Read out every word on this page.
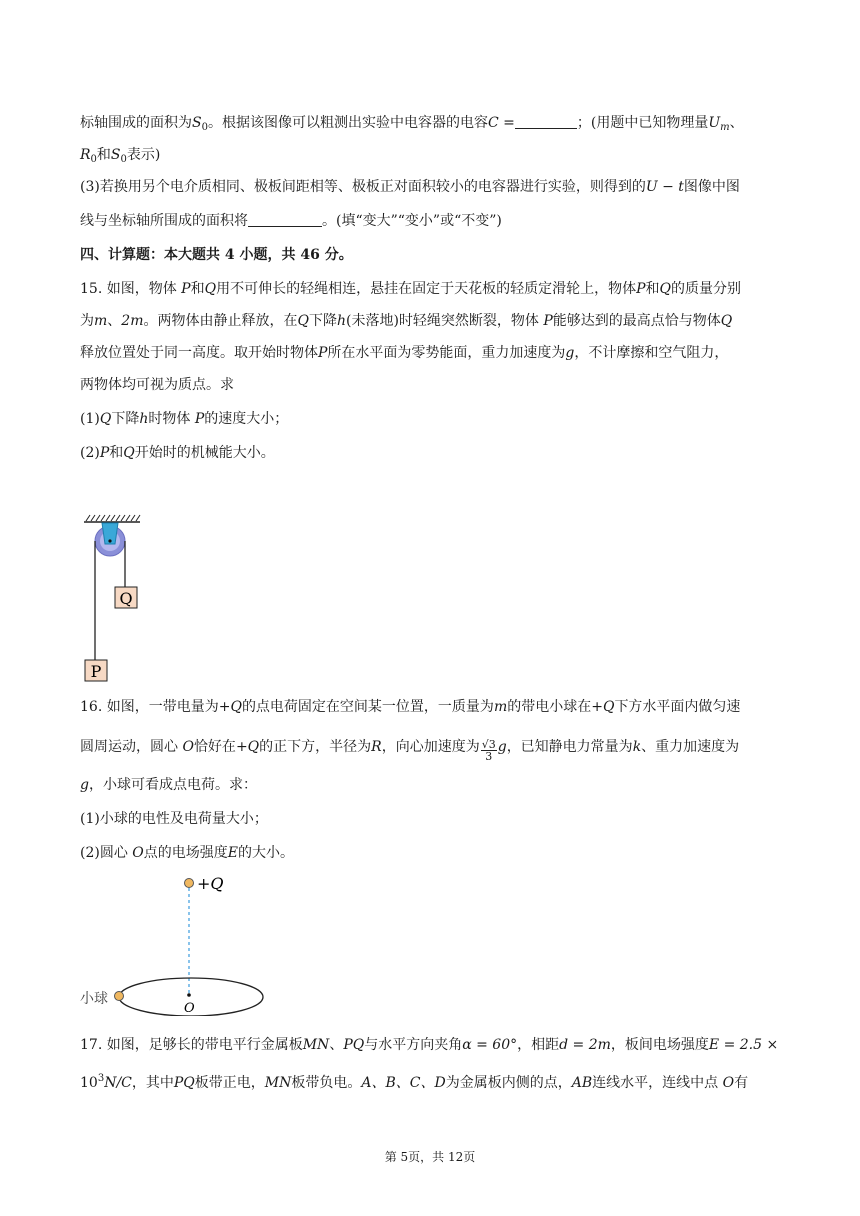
标轴围成的面积为$S_0$。根据该图像可以粗测出实验中电容器的电容C =	；(用题中已知物理量$U_m$、
$R_0$和$S_0$表示)
(3)若换用另个电介质相同、极板间距相等、极板正对面积较小的电容器进行实验，则得到的U − t图像中图
线与坐标轴所围成的面积将	。(填“变大”“变小”或“不变”)
四、计算题：本大题共 4 小题，共 46 分。
15. 如图，物体 P和Q用不可伸长的轻绳相连，悬挂在固定于天花板的轻质定滑轮上，物体P和Q的质量分别
为m、2m。两物体由静止释放，在Q下降h(未落地)时轻绳突然断裂，物体 P能够达到的最高点恰与物体Q
释放位置处于同一高度。取开始时物体P所在水平面为零势能面，重力加速度为g，不计摩擦和空气阻力，
两物体均可视为质点。求
(1)Q下降h时物体 P的速度大小；
(2)P和Q开始时的机械能大小。
Q
P
16. 如图，一带电量为+Q的点电荷固定在空间某一位置，一质量为m的带电小球在+Q下方水平面内做匀速
圆周运动，圆心 O恰好在+Q的正下方，半径为R，向心加速度为 $\frac{√3}{3}$ g，已知静电力常量为k、重力加速度为
g，小球可看成点电荷。求：
(1)小球的电性及电荷量大小；
(2)圆心 O点的电场强度E的大小。
+Q
O
小球
17. 如图，足够长的带电平行金属板MN、PQ与水平方向夹角α = 60°，相距d = 2m，板间电场强度E = 2.5 ×
$10^3N/C$，其中PQ板带正电，MN板带负电。A、B、C、D为金属板内侧的点，AB连线水平，连线中点 O有
第 5页，共 12页
